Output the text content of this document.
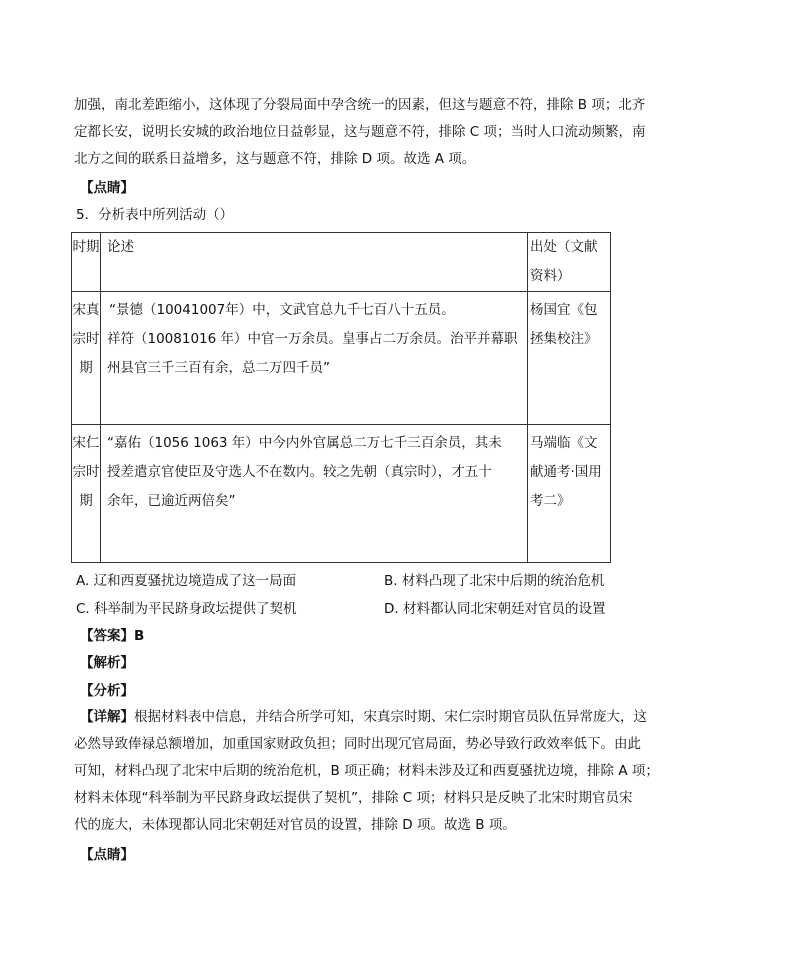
加强，南北差距缩小，这体现了分裂局面中孕含统一的因素，但这与题意不符，排除 B 项；北齐
定都长安，说明长安城的政治地位日益彰显，这与题意不符，排除 C 项；当时人口流动频繁，南
北方之间的联系日益增多，这与题意不符，排除 D 项。故选 A 项。
【点睛】
5．分析表中所列活动（）
时期	论述	出处（文献资料）

宋真宗时期	“景德（10041007年）中，文武官总九千七百八十五员。
祥符（10081016 年）中官一万余员。皇事占二万余员。治平并幕职
州县官三千三百有余，总二万四千员”	杨国宜《包拯集校注》

宋仁宗时期	“嘉佑（1056 1063 年）中今内外官属总二万七千三百余员，其未
授差遣京官使臣及守选人不在数内。较之先朝（真宗时），才五十
余年，已逾近两倍矣”	马端临《文献通考·国用考二》
A. 辽和西夏骚扰边境造成了这一局面	B. 材料凸现了北宋中后期的统治危机
C. 科举制为平民跻身政坛提供了契机	D. 材料都认同北宋朝廷对官员的设置
【答案】B
【解析】
【分析】
【详解】根据材料表中信息，并结合所学可知，宋真宗时期、宋仁宗时期官员队伍异常庞大，这
必然导致俸禄总额增加，加重国家财政负担；同时出现冗官局面，势必导致行政效率低下。由此
可知，材料凸现了北宋中后期的统治危机，B 项正确；材料未涉及辽和西夏骚扰边境，排除 A 项；
材料未体现“科举制为平民跻身政坛提供了契机”，排除 C 项；材料只是反映了北宋时期官员宋
代的庞大，未体现都认同北宋朝廷对官员的设置，排除 D 项。故选 B 项。
【点睛】
